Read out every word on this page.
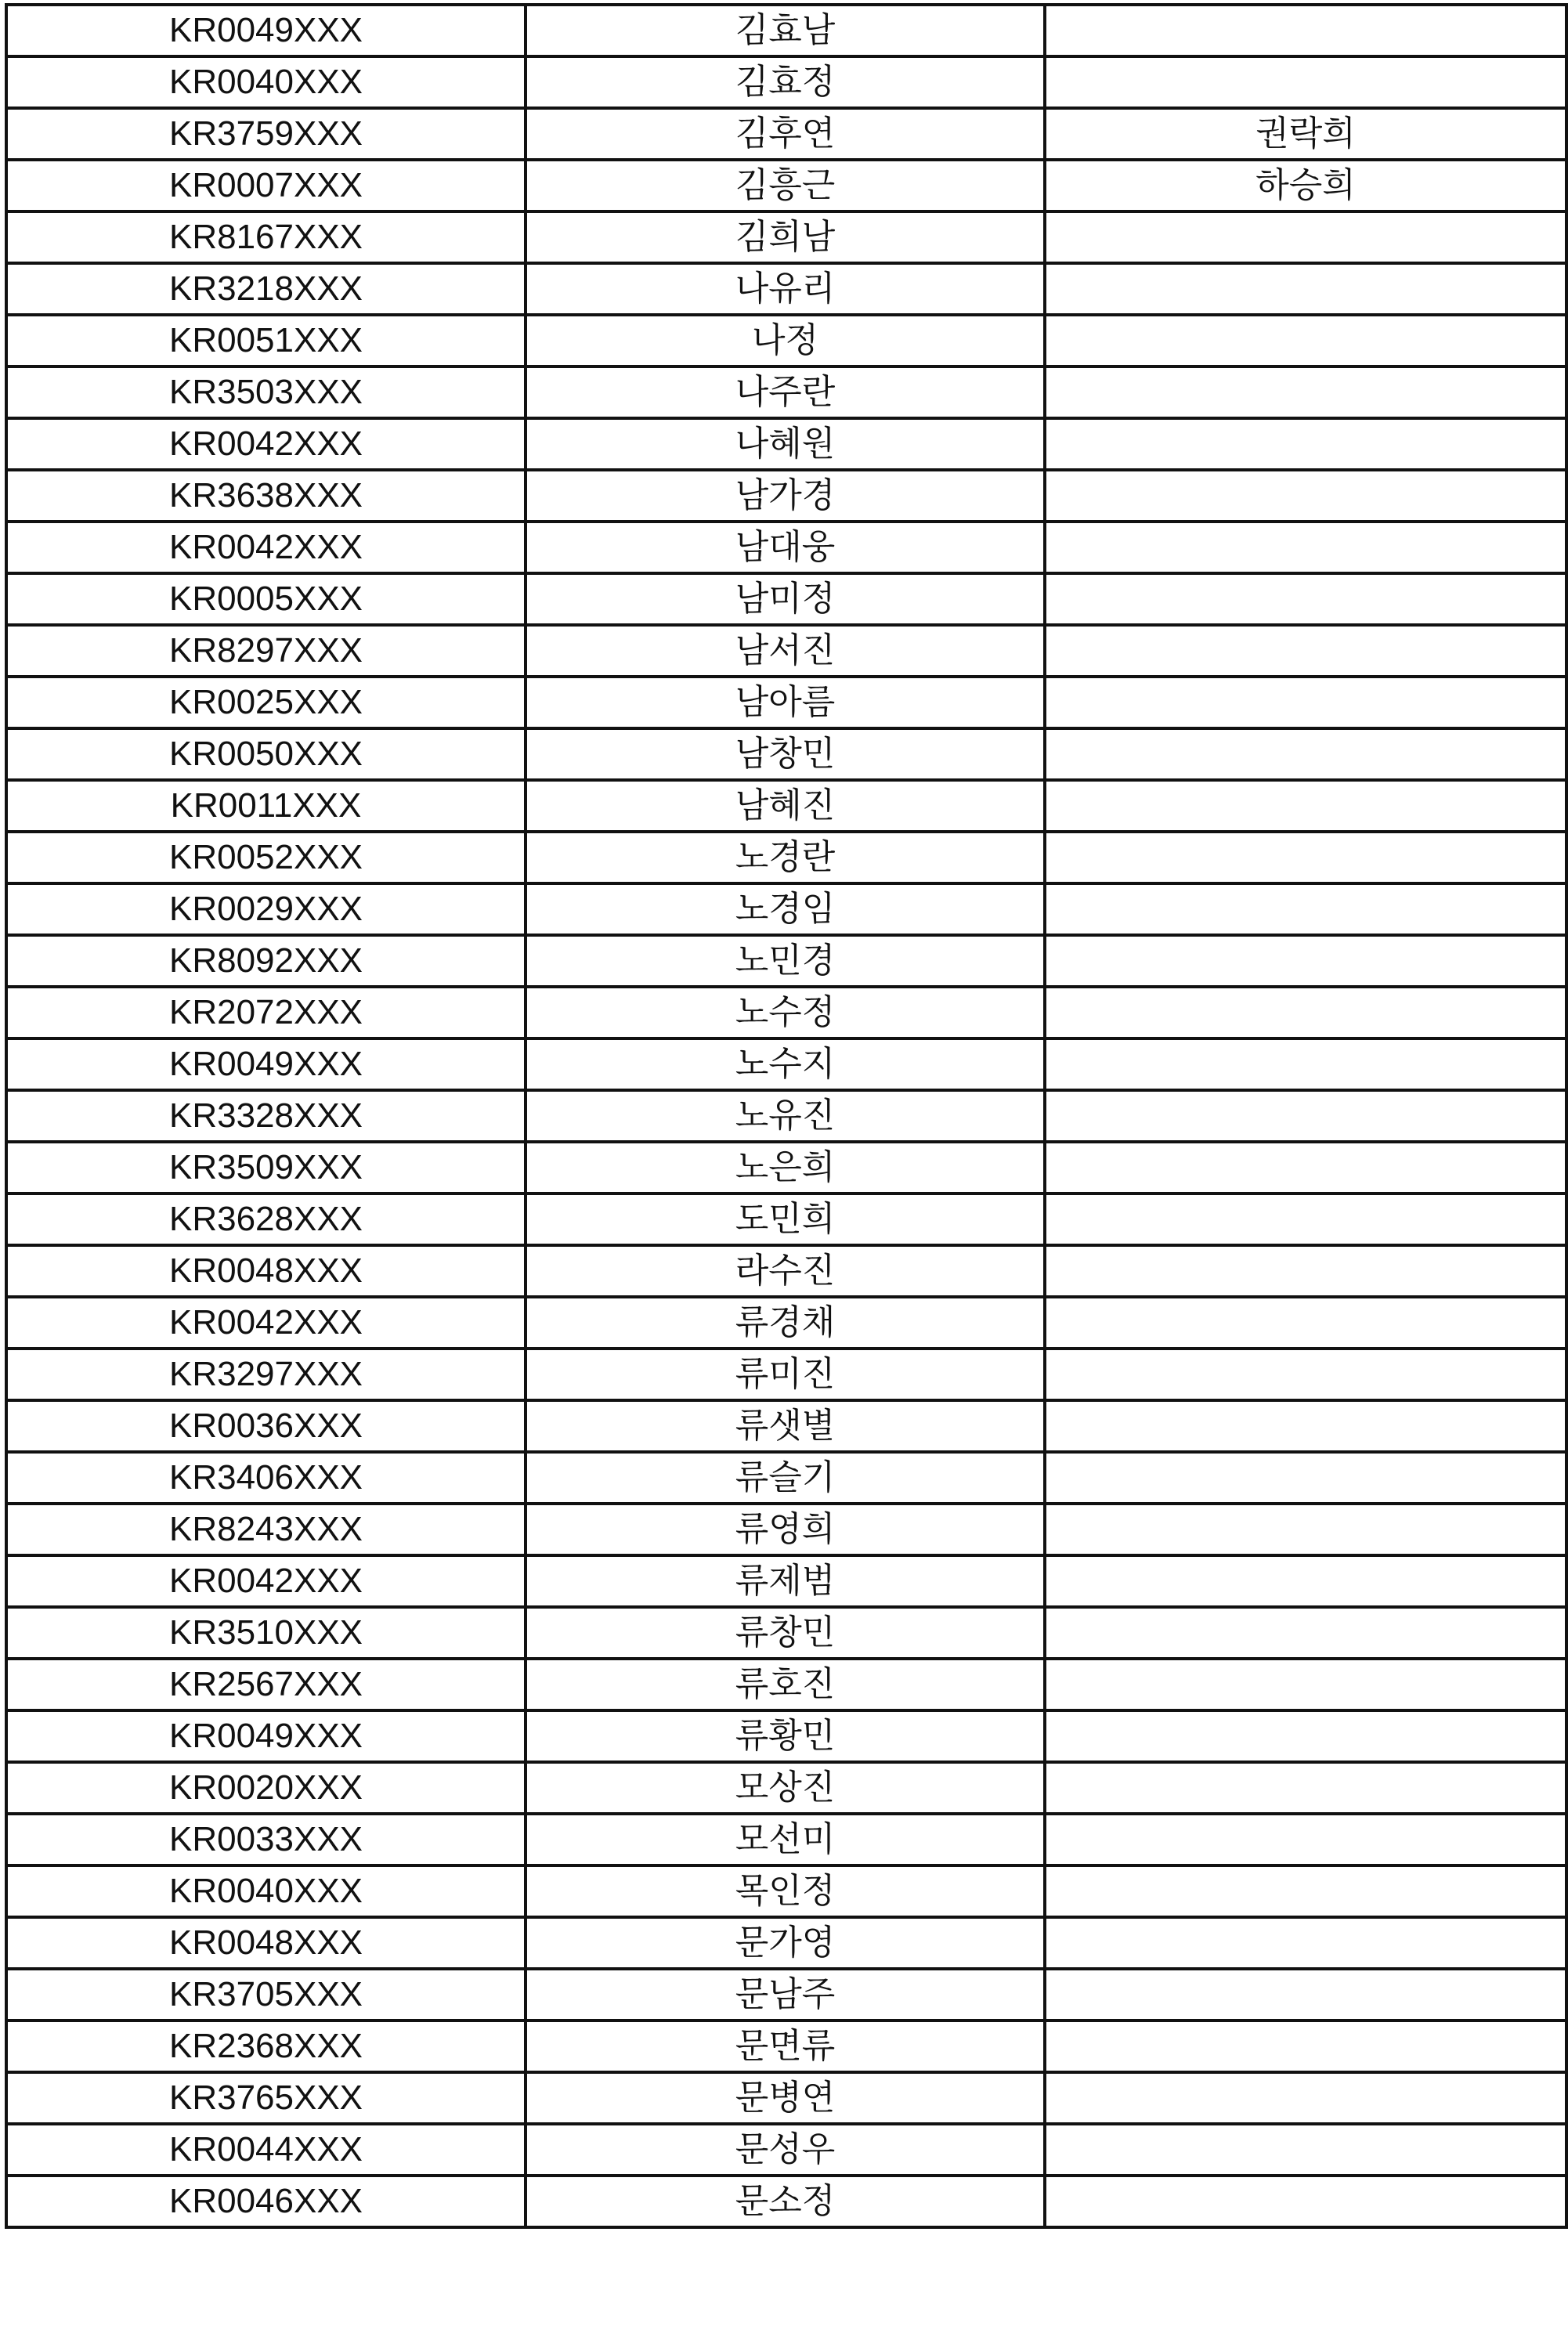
KR0049XXX	김효남	
KR0040XXX	김효정	
KR3759XXX	김후연	권락희
KR0007XXX	김흥근	하승희
KR8167XXX	김희남	
KR3218XXX	나유리	
KR0051XXX	나정	
KR3503XXX	나주란	
KR0042XXX	나혜원	
KR3638XXX	남가경	
KR0042XXX	남대웅	
KR0005XXX	남미정	
KR8297XXX	남서진	
KR0025XXX	남아름	
KR0050XXX	남창민	
KR0011XXX	남혜진	
KR0052XXX	노경란	
KR0029XXX	노경임	
KR8092XXX	노민경	
KR2072XXX	노수정	
KR0049XXX	노수지	
KR3328XXX	노유진	
KR3509XXX	노은희	
KR3628XXX	도민희	
KR0048XXX	라수진	
KR0042XXX	류경채	
KR3297XXX	류미진	
KR0036XXX	류샛별	
KR3406XXX	류슬기	
KR8243XXX	류영희	
KR0042XXX	류제범	
KR3510XXX	류창민	
KR2567XXX	류호진	
KR0049XXX	류황민	
KR0020XXX	모상진	
KR0033XXX	모선미	
KR0040XXX	목인정	
KR0048XXX	문가영	
KR3705XXX	문남주	
KR2368XXX	문면류	
KR3765XXX	문병연	
KR0044XXX	문성우	
KR0046XXX	문소정	
